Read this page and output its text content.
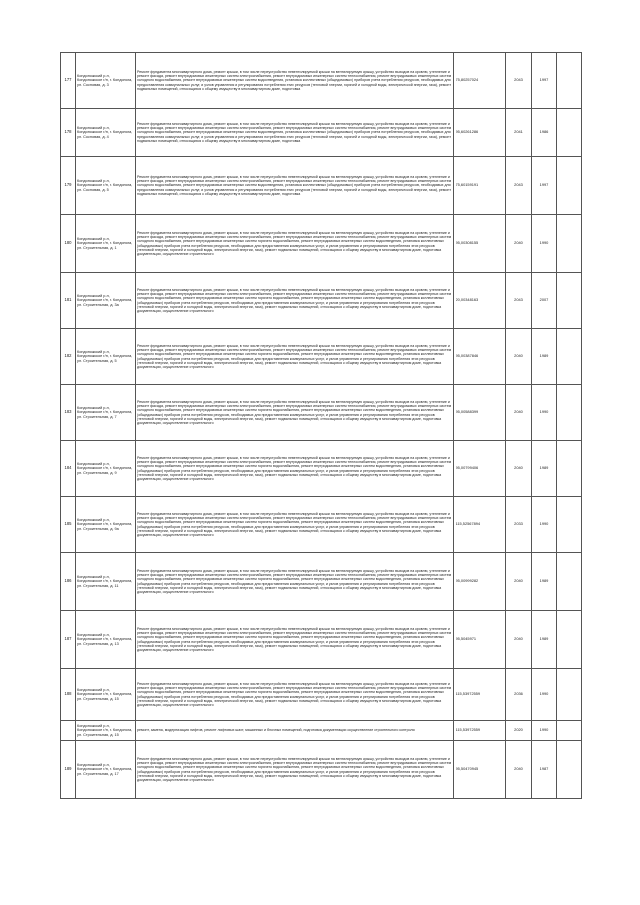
177	Кондопожский р-н, Кондопожское г/п, г. Кондопога, ул. Сосновая, д. 3	Ремонт фундамента многоквартирного дома, ремонт крыши, в том числе переустройство невентилируемой крыши на вентилируемую крышу, устройство выходов на кровлю, утепление и ремонт фасада, ремонт внутридомовых инженерных систем электроснабжения, ремонт внутридомовых инженерных систем теплоснабжения, ремонт внутридомовых инженерных систем холодного водоснабжения, ремонт внутридомовых инженерных систем водоотведения, установка коллективных (общедомовых) приборов учета потребления ресурсов, необходимых для предоставления коммунальных услуг, и узлов управления и регулирования потребления этих ресурсов (тепловой энергии, горячей и холодной воды, электрической энергии, газа), ремонт подвальных помещений, относящихся к общему имуществу в многоквартирном доме, подготовка	75,80257024	2043	1997	

178	Кондопожский р-н, Кондопожское г/п, г. Кондопога, ул. Сосновая, д. 4	Ремонт фундамента многоквартирного дома, ремонт крыши, в том числе переустройство невентилируемой крыши на вентилируемую крышу, устройство выходов на кровлю, утепление и ремонт фасада, ремонт внутридомовых инженерных систем электроснабжения, ремонт внутридомовых инженерных систем теплоснабжения, ремонт внутридомовых инженерных систем холодного водоснабжения, ремонт внутридомовых инженерных систем водоотведения, установка коллективных (общедомовых) приборов учета потребления ресурсов, необходимых для предоставления коммунальных услуг, и узлов управления и регулирования потребления этих ресурсов (тепловой энергии, горячей и холодной воды, электрической энергии, газа), ремонт подвальных помещений, относящихся к общему имуществу в многоквартирном доме, подготовка	95,60261286	2041	1986	

179	Кондопожский р-н, Кондопожское г/п, г. Кондопога, ул. Сосновая, д. 5	Ремонт фундамента многоквартирного дома, ремонт крыши, в том числе переустройство невентилируемой крыши на вентилируемую крышу, устройство выходов на кровлю, утепление и ремонт фасада, ремонт внутридомовых инженерных систем электроснабжения, ремонт внутридомовых инженерных систем теплоснабжения, ремонт внутридомовых инженерных систем холодного водоснабжения, ремонт внутридомовых инженерных систем водоотведения, установка коллективных (общедомовых) приборов учета потребления ресурсов, необходимых для предоставления коммунальных услуг, и узлов управления и регулирования потребления этих ресурсов (тепловой энергии, горячей и холодной воды, электрической энергии, газа), ремонт подвальных помещений, относящихся к общему имуществу в многоквартирном доме, подготовка	75,60159191	2043	1997	

180	Кондопожский р-н, Кондопожское г/п, г. Кондопога, ул. Строительная, д. 1	Ремонт фундамента многоквартирного дома, ремонт крыши, в том числе переустройство невентилируемой крыши на вентилируемую крышу, устройство выходов на кровлю, утепление и ремонт фасада, ремонт внутридомовых инженерных систем электроснабжения, ремонт внутридомовых инженерных систем теплоснабжения, ремонт внутридомовых инженерных систем холодного водоснабжения, ремонт внутридомовых инженерных систем горячего водоснабжения, ремонт внутридомовых инженерных систем водоотведения, установка коллективных (общедомовых) приборов учета потребления ресурсов, необходимых для предоставления коммунальных услуг, и узлов управления и регулирования потребления этих ресурсов (тепловой энергии, горячей и холодной воды, электрической энергии, газа), ремонт подвальных помещений, относящихся к общему имуществу в многоквартирном доме, подготовка документации, осуществление строительного	95,00308155	2040	1990	

181	Кондопожский р-н, Кондопожское г/п, г. Кондопога, ул. Строительная, д. 3а	Ремонт фундамента многоквартирного дома, ремонт крыши, в том числе переустройство невентилируемой крыши на вентилируемую крышу, устройство выходов на кровлю, утепление и ремонт фасада, ремонт внутридомовых инженерных систем электроснабжения, ремонт внутридомовых инженерных систем теплоснабжения, ремонт внутридомовых инженерных систем холодного водоснабжения, ремонт внутридомовых инженерных систем горячего водоснабжения, ремонт внутридомовых инженерных систем водоотведения, установка коллективных (общедомовых) приборов учета потребления ресурсов, необходимых для предоставления коммунальных услуг, и узлов управления и регулирования потребления этих ресурсов (тепловой энергии, горячей и холодной воды, электрической энергии, газа), ремонт подвальных помещений, относящихся к общему имуществу в многоквартирном доме, подготовка документации, осуществление строительного	20,00348163	2043	2007	

182	Кондопожский р-н, Кондопожское г/п, г. Кондопога, ул. Строительная, д. 5	Ремонт фундамента многоквартирного дома, ремонт крыши, в том числе переустройство невентилируемой крыши на вентилируемую крышу, устройство выходов на кровлю, утепление и ремонт фасада, ремонт внутридомовых инженерных систем электроснабжения, ремонт внутридомовых инженерных систем теплоснабжения, ремонт внутридомовых инженерных систем холодного водоснабжения, ремонт внутридомовых инженерных систем горячего водоснабжения, ремонт внутридомовых инженерных систем водоотведения, установка коллективных (общедомовых) приборов учета потребления ресурсов, необходимых для предоставления коммунальных услуг, и узлов управления и регулирования потребления этих ресурсов (тепловой энергии, горячей и холодной воды, электрической энергии, газа), ремонт подвальных помещений, относящихся к общему имуществу в многоквартирном доме, подготовка документации, осуществление строительного	95,00387846	2040	1989	

183	Кондопожский р-н, Кондопожское г/п, г. Кондопога, ул. Строительная, д. 7	Ремонт фундамента многоквартирного дома, ремонт крыши, в том числе переустройство невентилируемой крыши на вентилируемую крышу, устройство выходов на кровлю, утепление и ремонт фасада, ремонт внутридомовых инженерных систем электроснабжения, ремонт внутридомовых инженерных систем теплоснабжения, ремонт внутридомовых инженерных систем холодного водоснабжения, ремонт внутридомовых инженерных систем горячего водоснабжения, ремонт внутридомовых инженерных систем водоотведения, установка коллективных (общедомовых) приборов учета потребления ресурсов, необходимых для предоставления коммунальных услуг, и узлов управления и регулирования потребления этих ресурсов (тепловой энергии, горячей и холодной воды, электрической энергии, газа), ремонт подвальных помещений, относящихся к общему имуществу в многоквартирном доме, подготовка документации, осуществление строительного	95,00588399	2040	1990	

184	Кондопожский р-н, Кондопожское г/п, г. Кондопога, ул. Строительная, д. 9	Ремонт фундамента многоквартирного дома, ремонт крыши, в том числе переустройство невентилируемой крыши на вентилируемую крышу, устройство выходов на кровлю, утепление и ремонт фасада, ремонт внутридомовых инженерных систем электроснабжения, ремонт внутридомовых инженерных систем теплоснабжения, ремонт внутридомовых инженерных систем холодного водоснабжения, ремонт внутридомовых инженерных систем горячего водоснабжения, ремонт внутридомовых инженерных систем водоотведения, установка коллективных (общедомовых) приборов учета потребления ресурсов, необходимых для предоставления коммунальных услуг, и узлов управления и регулирования потребления этих ресурсов (тепловой энергии, горячей и холодной воды, электрической энергии, газа), ремонт подвальных помещений, относящихся к общему имуществу в многоквартирном доме, подготовка документации, осуществление строительного	95,00799406	2040	1989	

185	Кондопожский р-н, Кондопожское г/п, г. Кондопога, ул. Строительная, д. 9а	Ремонт фундамента многоквартирного дома, ремонт крыши, в том числе переустройство невентилируемой крыши на вентилируемую крышу, устройство выходов на кровлю, утепление и ремонт фасада, ремонт внутридомовых инженерных систем электроснабжения, ремонт внутридомовых инженерных систем теплоснабжения, ремонт внутридомовых инженерных систем холодного водоснабжения, ремонт внутридомовых инженерных систем горячего водоснабжения, ремонт внутридомовых инженерных систем водоотведения, установка коллективных (общедомовых) приборов учета потребления ресурсов, необходимых для предоставления коммунальных услуг, и узлов управления и регулирования потребления этих ресурсов (тепловой энергии, горячей и холодной воды, электрической энергии, газа), ремонт подвальных помещений, относящихся к общему имуществу в многоквартирном доме, подготовка документации, осуществление строительного	115,52567894	2033	1990	

186	Кондопожский р-н, Кондопожское г/п, г. Кондопога, ул. Строительная, д. 11	Ремонт фундамента многоквартирного дома, ремонт крыши, в том числе переустройство невентилируемой крыши на вентилируемую крышу, устройство выходов на кровлю, утепление и ремонт фасада, ремонт внутридомовых инженерных систем электроснабжения, ремонт внутридомовых инженерных систем теплоснабжения, ремонт внутридомовых инженерных систем холодного водоснабжения, ремонт внутридомовых инженерных систем горячего водоснабжения, ремонт внутридомовых инженерных систем водоотведения, установка коллективных (общедомовых) приборов учета потребления ресурсов, необходимых для предоставления коммунальных услуг, и узлов управления и регулирования потребления этих ресурсов (тепловой энергии, горячей и холодной воды, электрической энергии, газа), ремонт подвальных помещений, относящихся к общему имуществу в многоквартирном доме, подготовка документации, осуществление строительного	95,00999282	2040	1989	

187	Кондопожский р-н, Кондопожское г/п, г. Кондопога, ул. Строительная, д. 13	Ремонт фундамента многоквартирного дома, ремонт крыши, в том числе переустройство невентилируемой крыши на вентилируемую крышу, устройство выходов на кровлю, утепление и ремонт фасада, ремонт внутридомовых инженерных систем электроснабжения, ремонт внутридомовых инженерных систем теплоснабжения, ремонт внутридомовых инженерных систем холодного водоснабжения, ремонт внутридомовых инженерных систем горячего водоснабжения, ремонт внутридомовых инженерных систем водоотведения, установка коллективных (общедомовых) приборов учета потребления ресурсов, необходимых для предоставления коммунальных услуг, и узлов управления и регулирования потребления этих ресурсов (тепловой энергии, горячей и холодной воды, электрической энергии, газа), ремонт подвальных помещений, относящихся к общему имуществу в многоквартирном доме, подготовка документации, осуществление строительного	95,5045971	2040	1989	

188	Кондопожский р-н, Кондопожское г/п, г. Кондопога, ул. Строительная, д. 15	Ремонт фундамента многоквартирного дома, ремонт крыши, в том числе переустройство невентилируемой крыши на вентилируемую крышу, устройство выходов на кровлю, утепление и ремонт фасада, ремонт внутридомовых инженерных систем электроснабжения, ремонт внутридомовых инженерных систем теплоснабжения, ремонт внутридомовых инженерных систем холодного водоснабжения, ремонт внутридомовых инженерных систем горячего водоснабжения, ремонт внутридомовых инженерных систем водоотведения, установка коллективных (общедомовых) приборов учета потребления ресурсов, необходимых для предоставления коммунальных услуг, и узлов управления и регулирования потребления этих ресурсов (тепловой энергии, горячей и холодной воды, электрической энергии, газа), ремонт подвальных помещений, относящихся к общему имуществу в многоквартирном доме, подготовка документации, осуществление строительного	115,53972559	2036	1990	

	Кондопожский р-н, Кондопожское г/п, г. Кондопога, ул. Строительная, д. 15	ремонт, замена, модернизация лифтов, ремонт лифтовых шахт, машинных и блочных помещений, подготовка документации осуществление строительного контроля	115,53972559	2020	1990	

189	Кондопожский р-н, Кондопожское г/п, г. Кондопога, ул. Строительная, д. 17	Ремонт фундамента многоквартирного дома, ремонт крыши, в том числе переустройство невентилируемой крыши на вентилируемую крышу, устройство выходов на кровлю, утепление и ремонт фасада, ремонт внутридомовых инженерных систем электроснабжения, ремонт внутридомовых инженерных систем теплоснабжения, ремонт внутридомовых инженерных систем холодного водоснабжения, ремонт внутридомовых инженерных систем горячего водоснабжения, ремонт внутридомовых инженерных систем водоотведения, установка коллективных (общедомовых) приборов учета потребления ресурсов, необходимых для предоставления коммунальных услуг, и узлов управления и регулирования потребления этих ресурсов (тепловой энергии, горячей и холодной воды, электрической энергии, газа), ремонт подвальных помещений, относящихся к общему имуществу в многоквартирном доме, подготовка документации, осуществление строительного	95,50470945	2040	1987	
